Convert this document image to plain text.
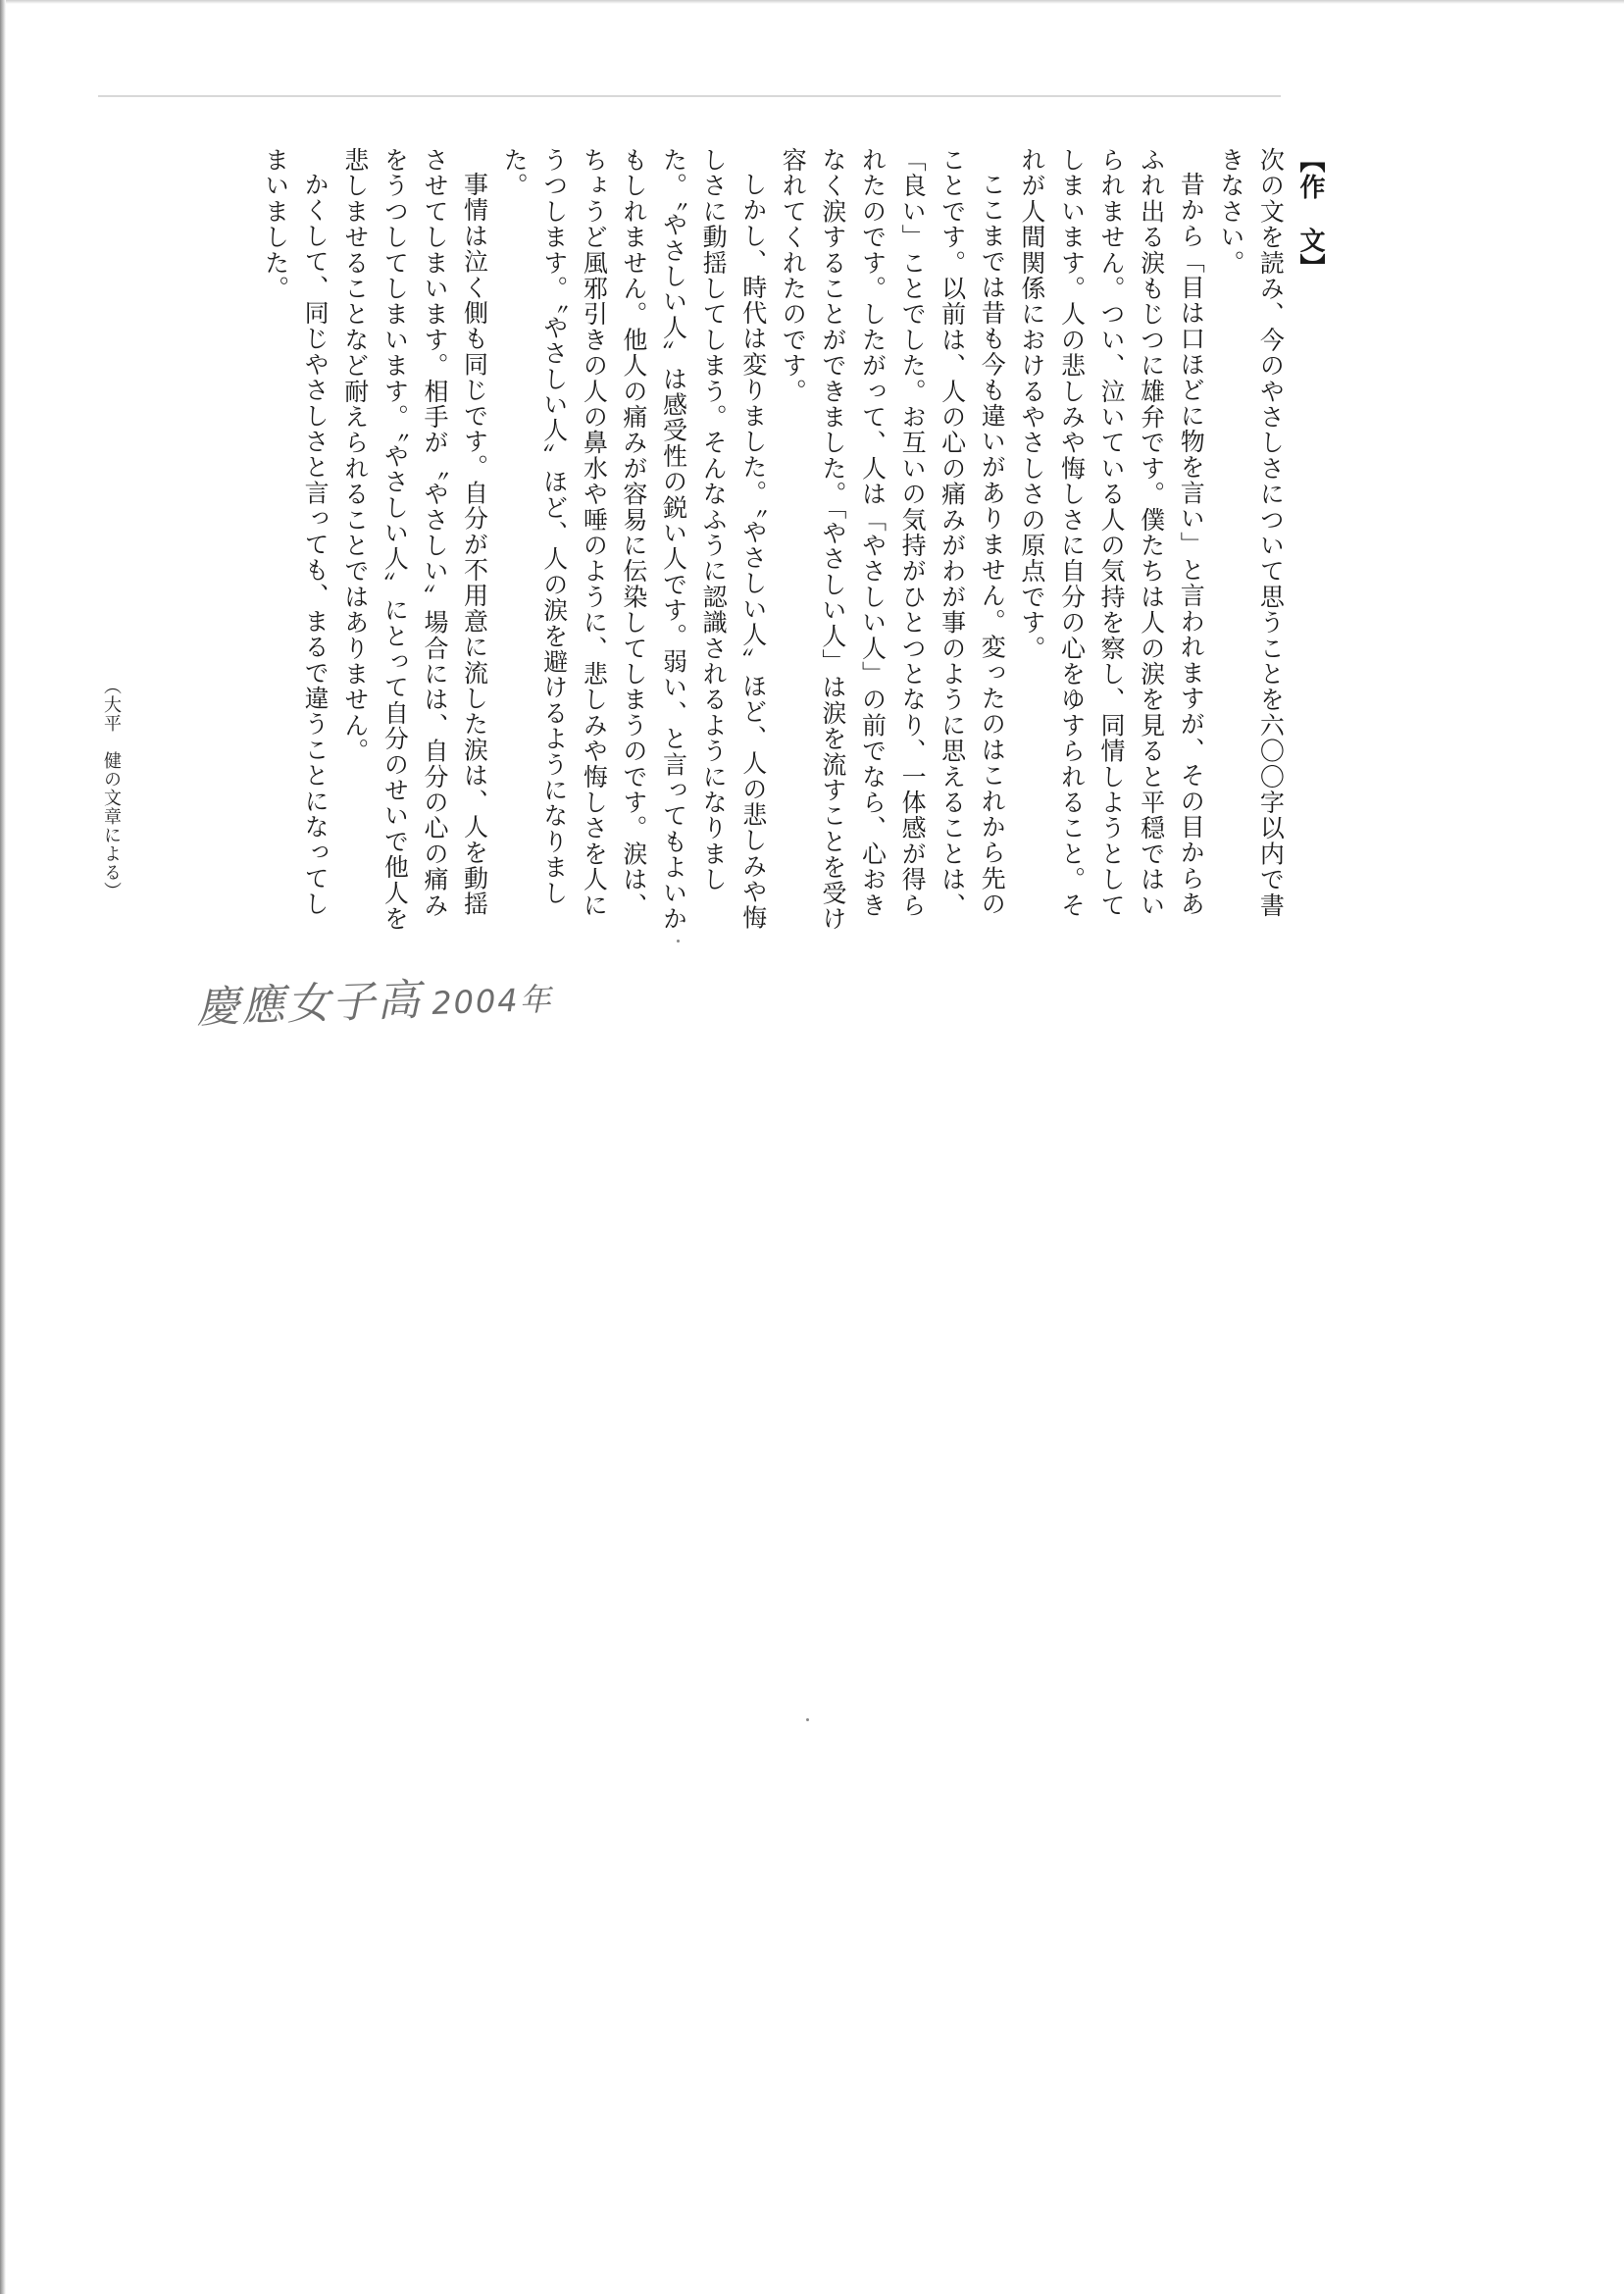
【作　文】

次の文を読み、今のやさしさについて思うことを六〇〇字以内で書きなさい。

昔から「目は口ほどに物を言い」と言われますが、その目からあふれ出る涙もじつに雄弁です。僕たちは人の涙を見ると平穏ではいられません。つい、泣いている人の気持を察し、同情しようとしてしまいます。人の悲しみや悔しさに自分の心をゆすられること。それが人間関係におけるやさしさの原点です。

ここまでは昔も今も違いがありません。変ったのはこれから先のことです。以前は、人の心の痛みがわが事のように思えることは、「良い」ことでした。お互いの気持がひとつとなり、一体感が得られたのです。したがって、人は「やさしい人」の前でなら、心おきなく涙することができました。「やさしい人」は涙を流すことを受け容れてくれたのです。

しかし、時代は変りました。〝やさしい人〟ほど、人の悲しみや悔しさに動揺してしまう。そんなふうに認識されるようになりました。〝やさしい人〟は感受性の鋭い人です。弱い、と言ってもよいかもしれません。他人の痛みが容易に伝染してしまうのです。涙は、ちょうど風邪引きの人の鼻水や唾のように、悲しみや悔しさを人にうつします。〝やさしい人〟ほど、人の涙を避けるようになりました。

事情は泣く側も同じです。自分が不用意に流した涙は、人を動揺させてしまいます。相手が〝やさしい〟場合には、自分の心の痛みをうつしてしまいます。〝やさしい人〟にとって自分のせいで他人を悲しませることなど耐えられることではありません。

かくして、同じやさしさと言っても、まるで違うことになってしまいました。

（大平　健の文章による）
慶應女子高 2004年
